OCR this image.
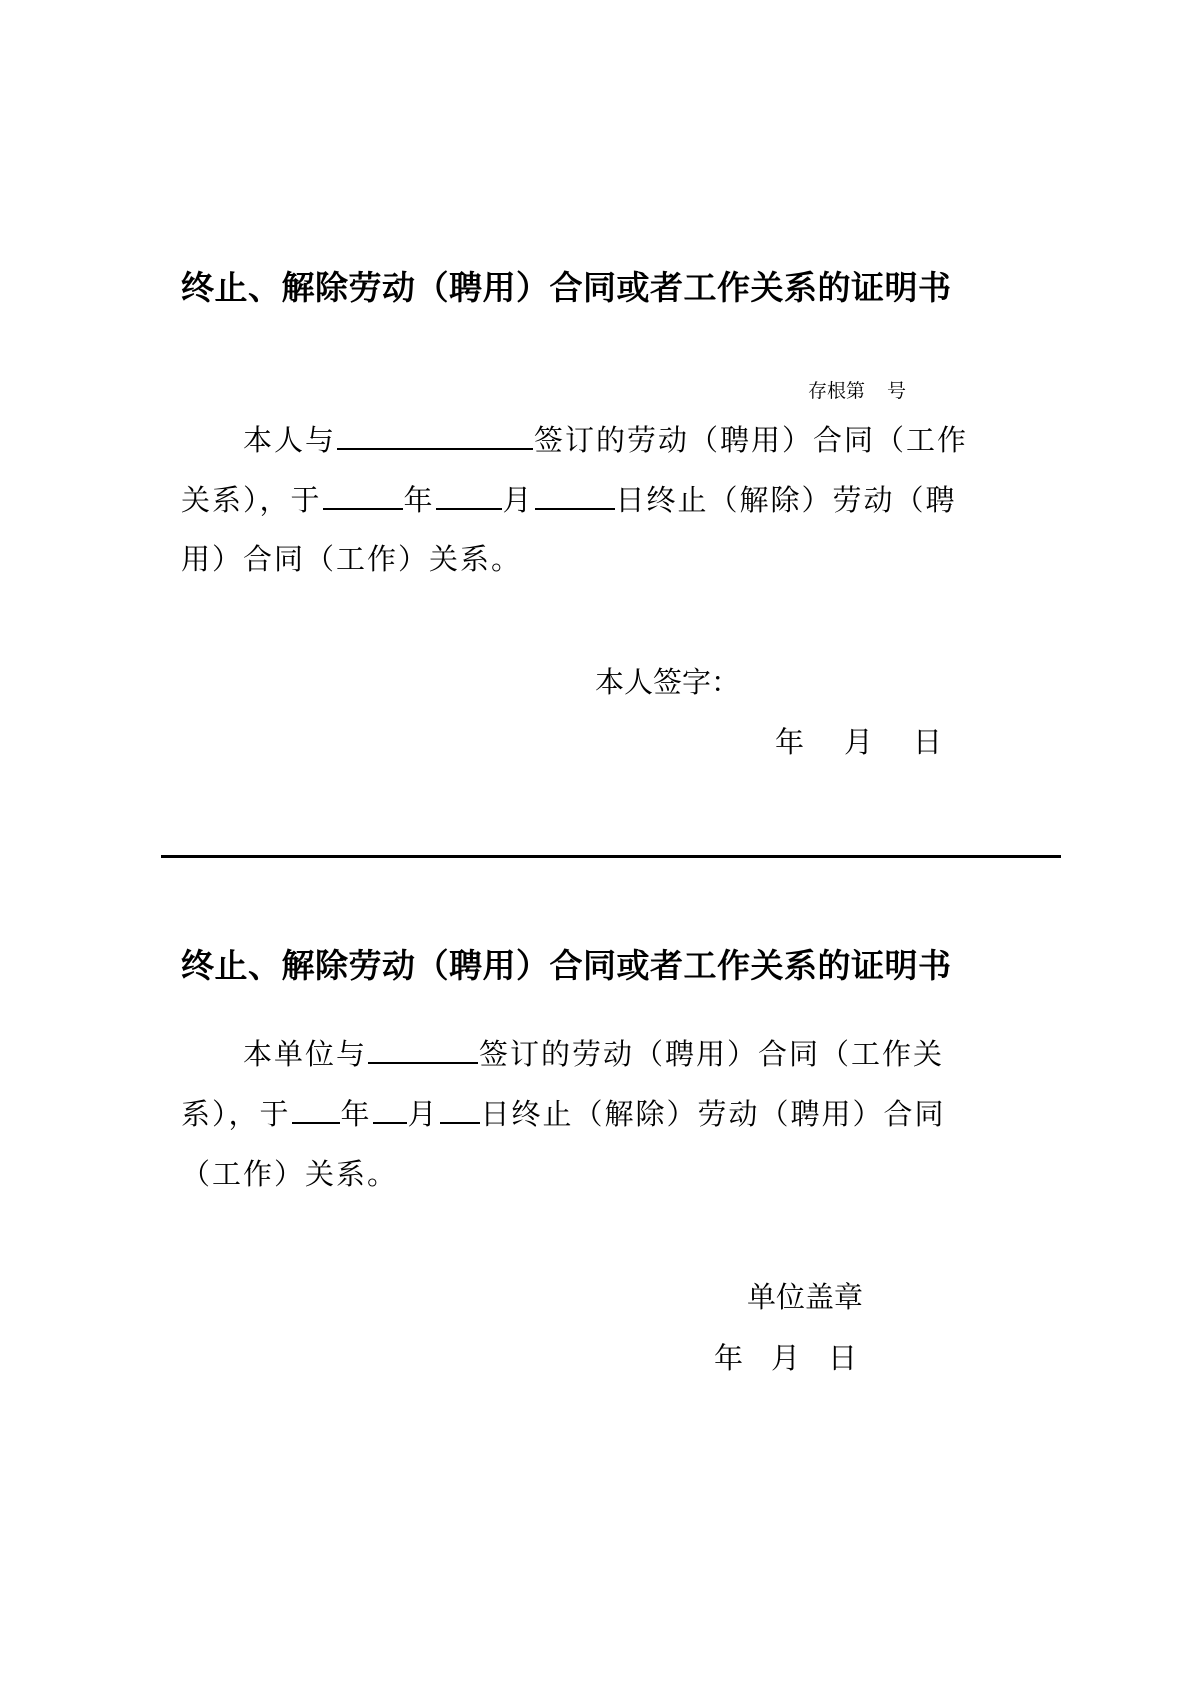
终止、解除劳动（聘用）合同或者工作关系的证明书
存根第 号
本人与	签订的劳动（聘用）合同（工作
关系），于	年 月	日终止（解除）劳动（聘
用）合同（工作）关系。
本人签字：
年 月 日
终止、解除劳动（聘用）合同或者工作关系的证明书
本单位与	签订的劳动（聘用）合同（工作关
系），于 年 月 日终止（解除）劳动（聘用）合同
（工作）关系。
单位盖章
年 月 日
